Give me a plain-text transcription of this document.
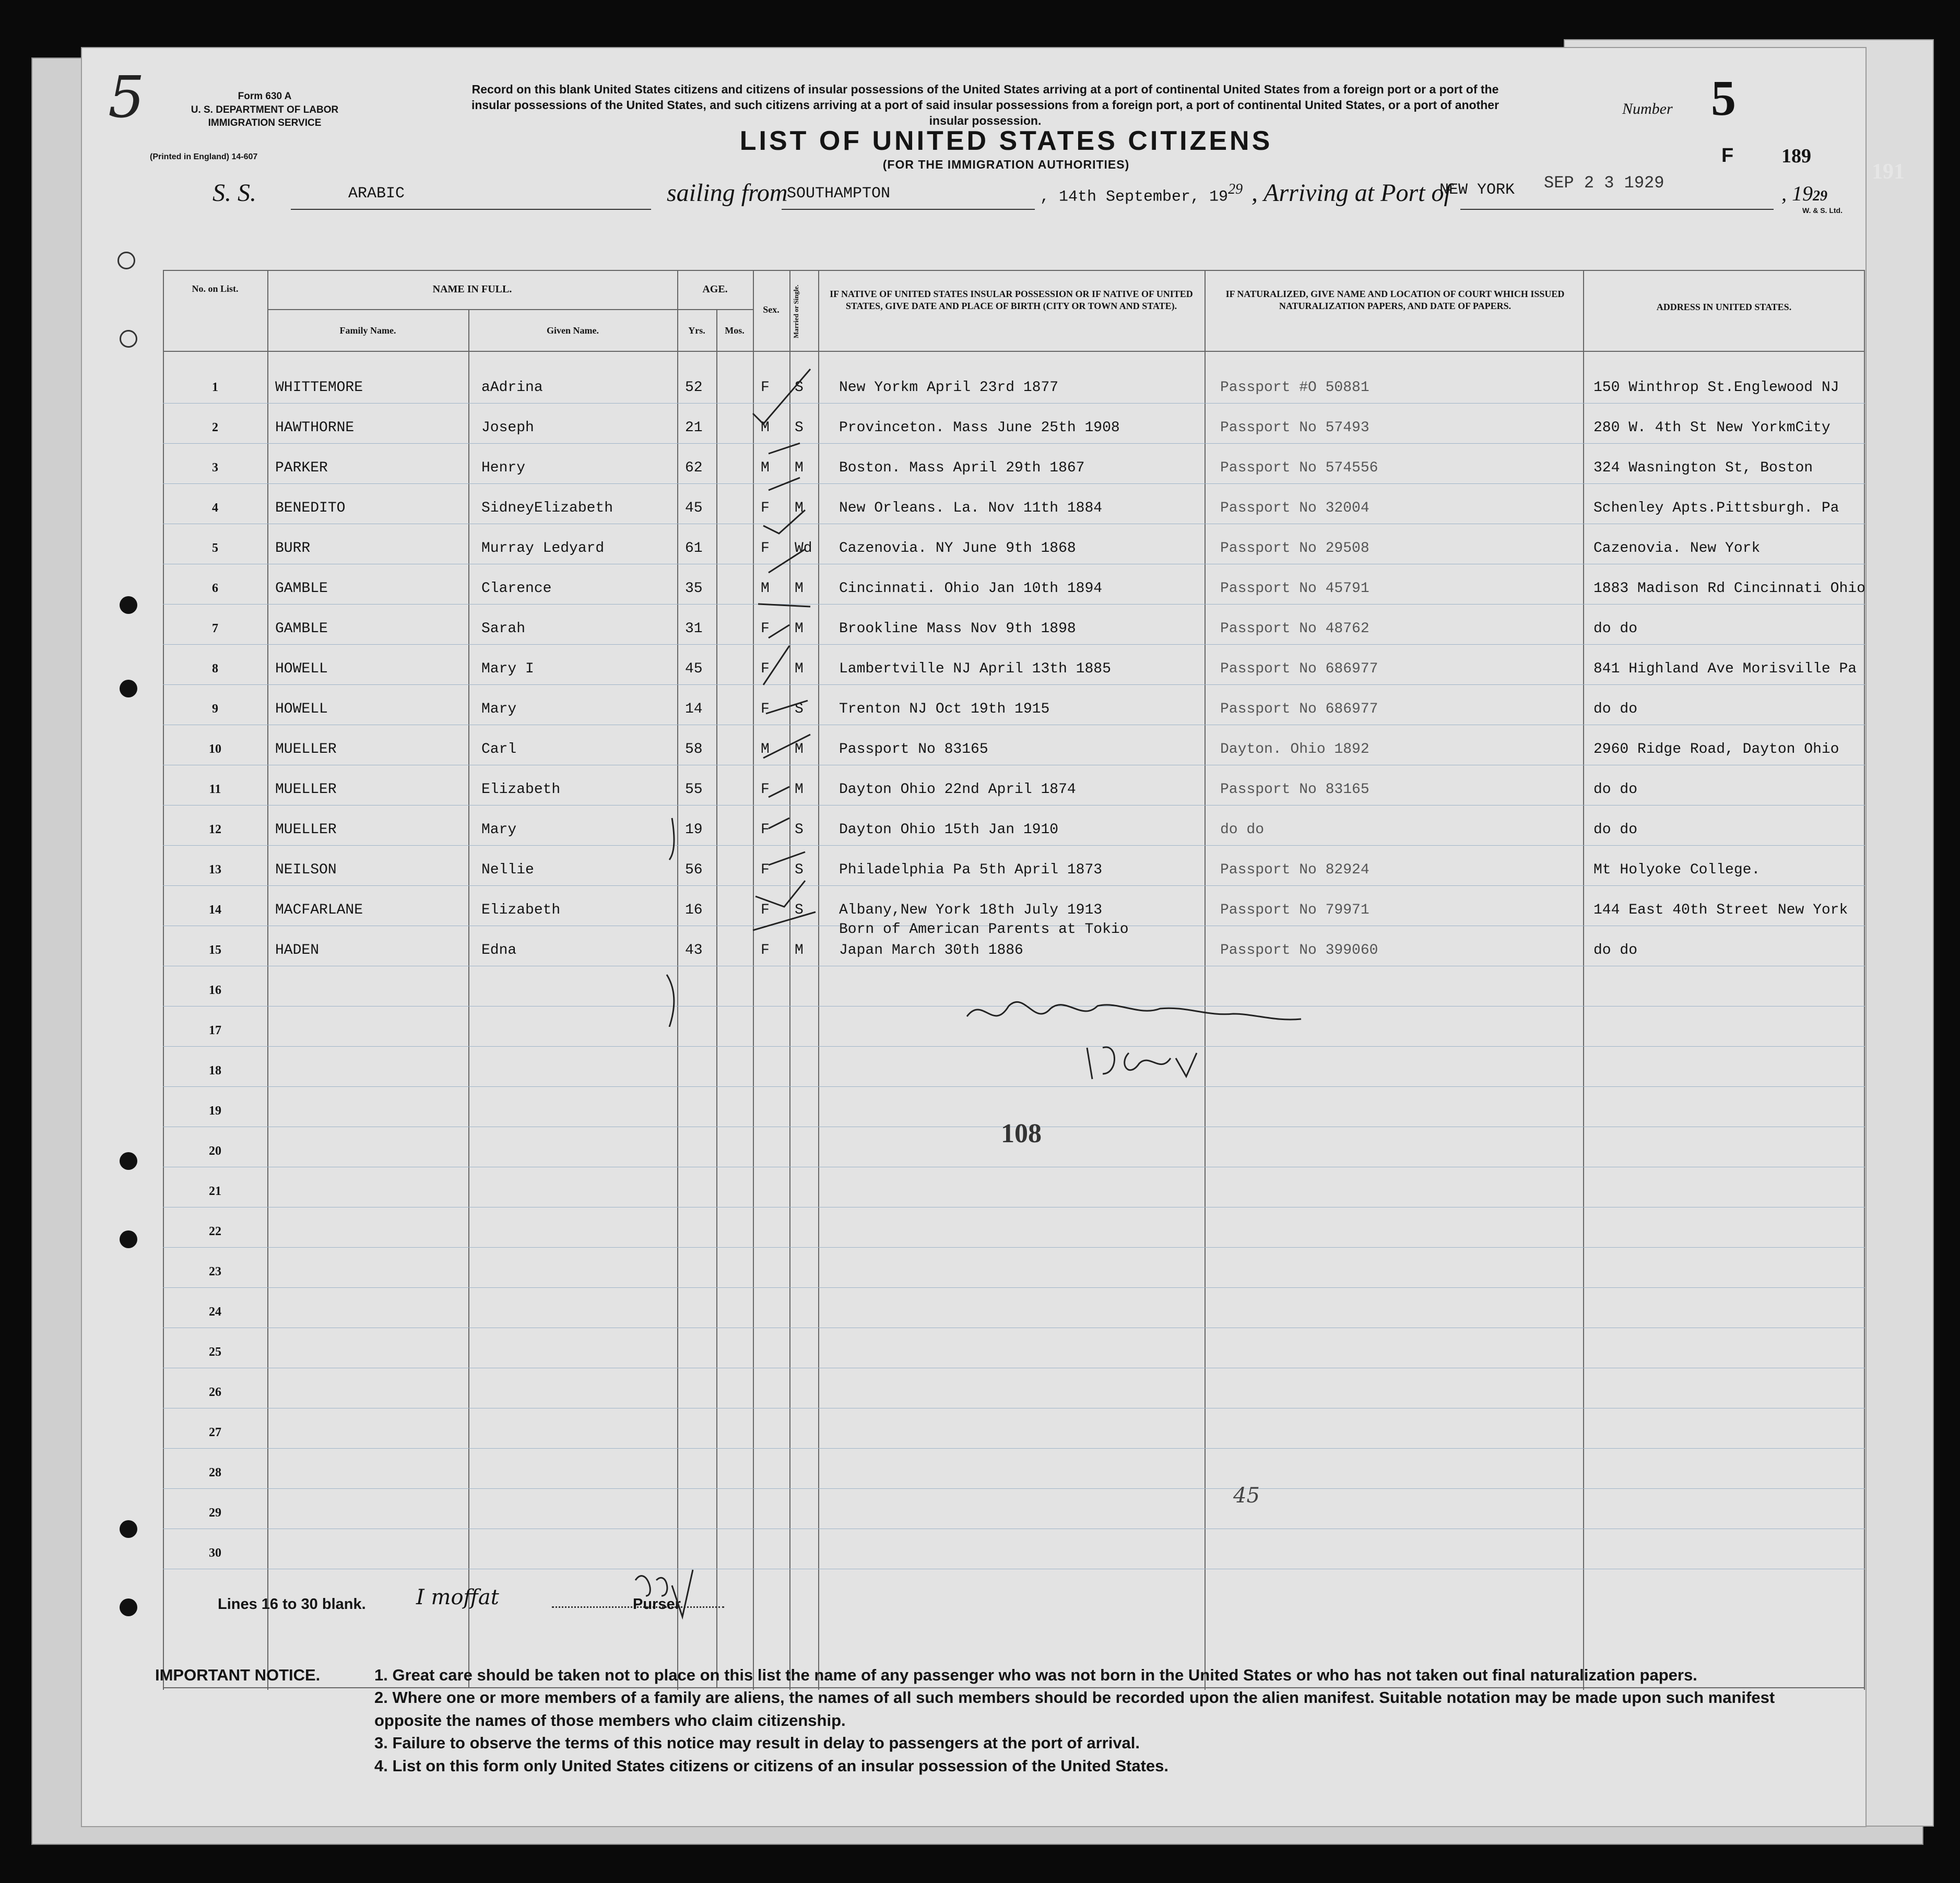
5	Form 630 A
U. S. DEPARTMENT OF LABOR
IMMIGRATION SERVICE
(Printed in England) 14-607
Record on this blank United States citizens and citizens of insular possessions of the United States arriving at a port of continental United States from a foreign port or a port of the insular possessions of the United States, and such citizens arriving at a port of said insular possessions from a foreign port, a port of continental United States, or a port of another insular possession.
LIST OF UNITED STATES CITIZENS
(FOR THE IMMIGRATION AUTHORITIES)
Number 5
F 189
S. S.	ARABIC	sailing from
SOUTHAMPTON	, 14th September, $19^{29}$ , Arriving at Port of
NEW YORK SEP 2 3 1929	, 1929
W. & S. Ltd.
No. on List.	NAME IN FULL.
Family Name.	Given Name.
AGE.
Yrs.	Mos.
Sex.	Married or Single.	IF NATIVE OF UNITED STATES INSULAR POSSESSION OR IF NATIVE OF UNITED STATES, GIVE DATE AND PLACE OF BIRTH (CITY OR TOWN AND STATE).
IF NATURALIZED, GIVE NAME AND LOCATION OF COURT WHICH ISSUED NATURALIZATION PAPERS, AND DATE OF PAPERS.	ADDRESS IN UNITED STATES.
1	WHITTEMORE	aAdrina	52	F S New Yorkm April 23rd 1877	Passport #O 50881	150 Winthrop St.Englewood NJ
2	HAWTHORNE	Joseph	21	M S Provinceton. Mass June 25th 1908	Passport No 57493	280 W. 4th St New YorkmCity
3	PARKER	Henry	62	M M Boston. Mass April 29th 1867	Passport No 574556	324 Wasnington St, Boston
4	BENEDITO	SidneyElizabeth	45	F M New Orleans. La. Nov 11th 1884	Passport No 32004	Schenley Apts.Pittsburgh. Pa
5	BURR	Murray Ledyard	61	F Wd Cazenovia. NY June 9th 1868	Passport No 29508	Cazenovia. New York
6	GAMBLE	Clarence	35	M M Cincinnati. Ohio Jan 10th 1894	Passport No 45791	1883 Madison Rd Cincinnati Ohio
7	GAMBLE	Sarah	31	F M Brookline Mass Nov 9th 1898	Passport No 48762	do do
8	HOWELL	Mary I	45	F M Lambertville NJ April 13th 1885	Passport No 686977	841 Highland Ave Morisville Pa
9	HOWELL	Mary	14	F S Trenton NJ Oct 19th 1915	Passport No 686977	do do
10	MUELLER	Carl	58	M M Passport No 83165	Dayton. Ohio 1892	2960 Ridge Road, Dayton Ohio
11	MUELLER	Elizabeth	55	F M Dayton Ohio 22nd April 1874	Passport No 83165	do do
12	MUELLER	Mary	19	F S Dayton Ohio 15th Jan 1910	do do	do do
13	NEILSON	Nellie	56	F S Philadelphia Pa 5th April 1873	Passport No 82924	Mt Holyoke College.
14	MACFARLANE	Elizabeth	16	F S Albany,New York 18th July 1913	Passport No 79971	144 East 40th Street New York
15	HADEN	Edna	43	F M Japan March 30th 1886	Passport No 399060	do do
Born of American Parents at Tokio
16
17
18
19
20
21
22
23
24
25
26
27
28
29
30
Lines 16 to 30 blank. I moffat	Purser
108
45
IMPORTANT NOTICE.	1. Great care should be taken not to place on this list the name of any passenger who was not born in the United States or who has not taken out final naturalization papers.
2. Where one or more members of a family are aliens, the names of all such members should be recorded upon the alien manifest. Suitable notation may be made upon such manifest opposite the names of those members who claim citizenship.
3. Failure to observe the terms of this notice may result in delay to passengers at the port of arrival.
4. List on this form only United States citizens or citizens of an insular possession of the United States.
191
